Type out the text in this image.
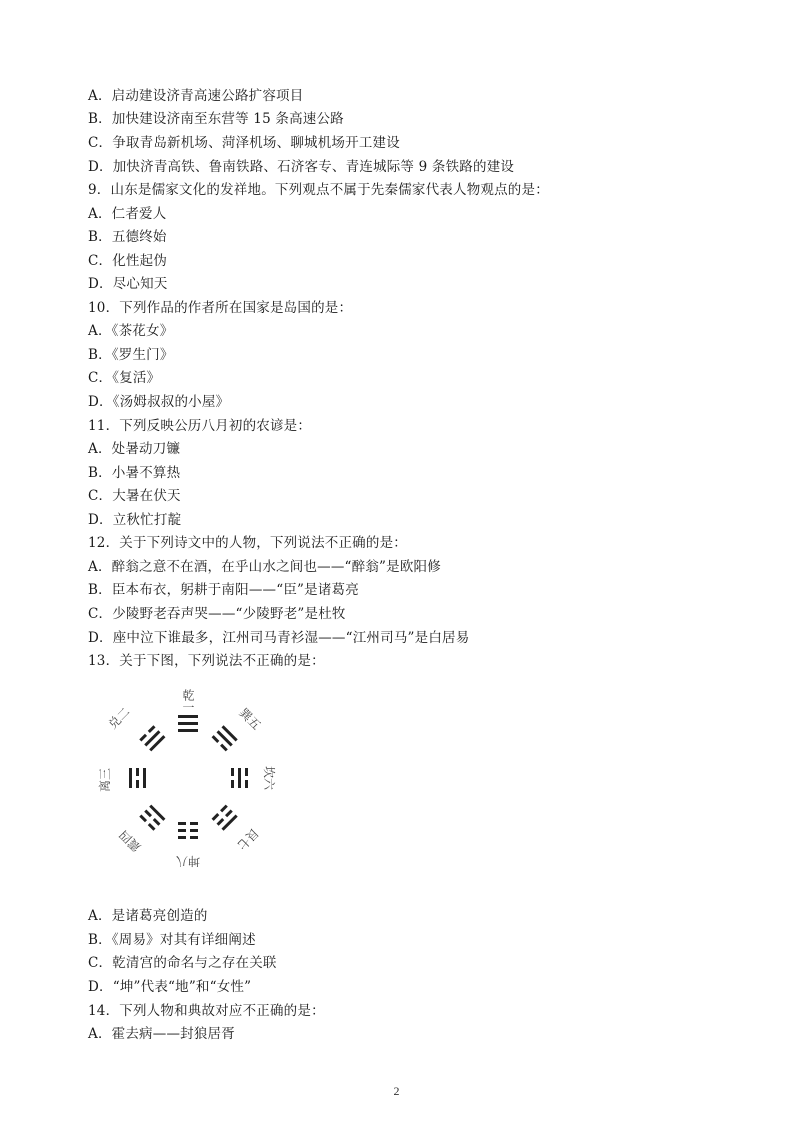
A．启动建设济青高速公路扩容项目
B．加快建设济南至东营等 15 条高速公路
C．争取青岛新机场、菏泽机场、聊城机场开工建设
D．加快济青高铁、鲁南铁路、石济客专、青连城际等 9 条铁路的建设
9．山东是儒家文化的发祥地。下列观点不属于先秦儒家代表人物观点的是：
A．仁者爱人
B．五德终始
C．化性起伪
D．尽心知天
10．下列作品的作者所在国家是岛国的是：
A．《茶花女》
B．《罗生门》
C．《复活》
D．《汤姆叔叔的小屋》
11．下列反映公历八月初的农谚是：
A．处暑动刀镰
B．小暑不算热
C．大暑在伏天
D．立秋忙打靛
12．关于下列诗文中的人物，下列说法不正确的是：
A．醉翁之意不在酒，在乎山水之间也——“醉翁”是欧阳修
B．臣本布衣，躬耕于南阳——“臣”是诸葛亮
C．少陵野老吞声哭——“少陵野老”是杜牧
D．座中泣下谁最多，江州司马青衫湿——“江州司马”是白居易
13．关于下图，下列说法不正确的是：
乾一
兑二
离三
震四
坤八
艮七
坎六
巽五
A．是诸葛亮创造的
B．《周易》对其有详细阐述
C．乾清宫的命名与之存在关联
D．“坤”代表“地”和“女性”
14．下列人物和典故对应不正确的是：
A．霍去病——封狼居胥
2
